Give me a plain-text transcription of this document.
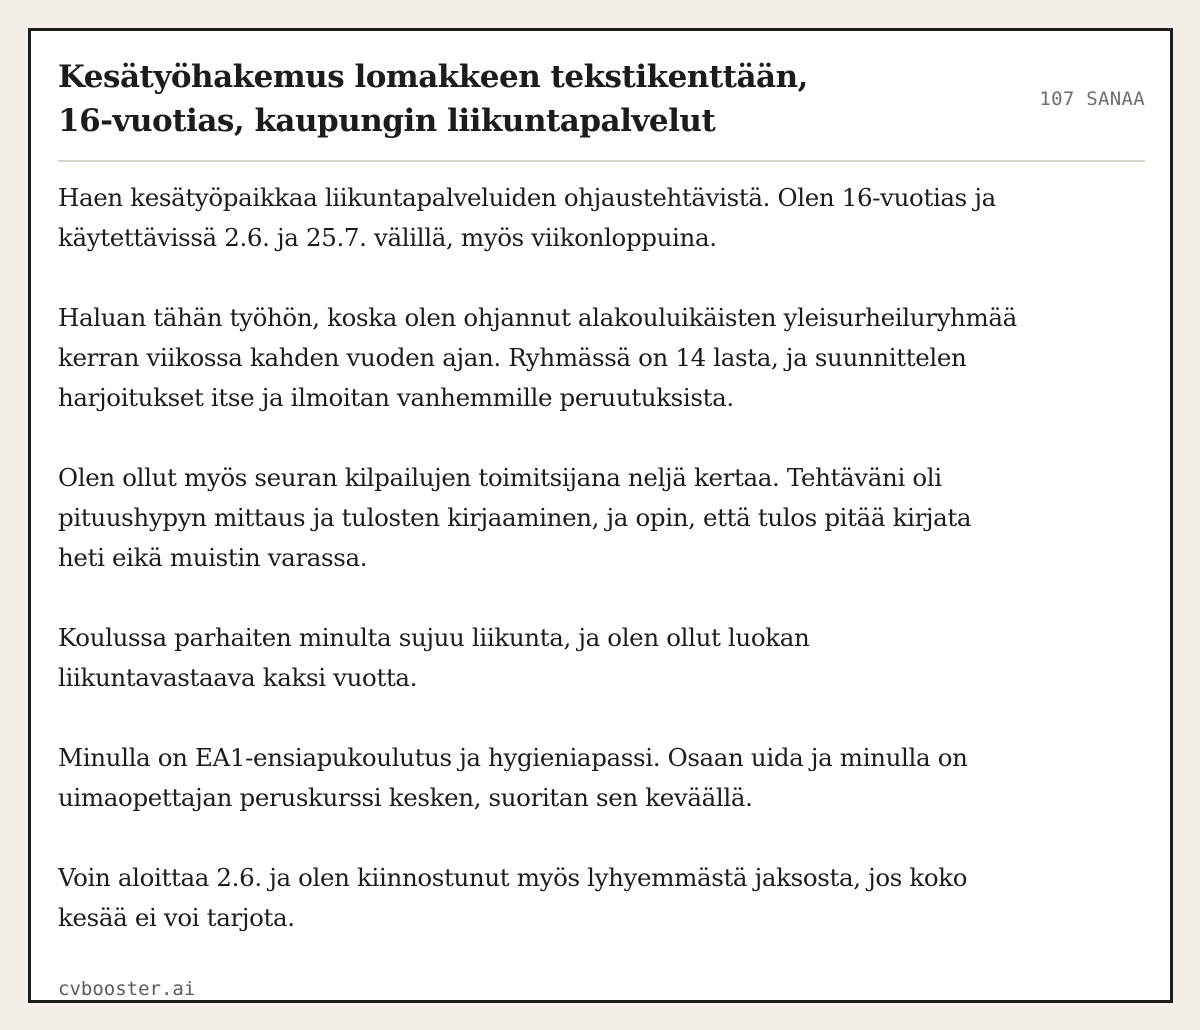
Kesätyöhakemus lomakkeen tekstikenttään,
16-vuotias, kaupungin liikuntapalvelut
107 SANAA

Haen kesätyöpaikkaa liikuntapalveluiden ohjaustehtävistä. Olen 16-vuotias ja
käytettävissä 2.6. ja 25.7. välillä, myös viikonloppuina.

Haluan tähän työhön, koska olen ohjannut alakouluikäisten yleisurheiluryhmää
kerran viikossa kahden vuoden ajan. Ryhmässä on 14 lasta, ja suunnittelen
harjoitukset itse ja ilmoitan vanhemmille peruutuksista.

Olen ollut myös seuran kilpailujen toimitsijana neljä kertaa. Tehtäväni oli
pituushypyn mittaus ja tulosten kirjaaminen, ja opin, että tulos pitää kirjata
heti eikä muistin varassa.

Koulussa parhaiten minulta sujuu liikunta, ja olen ollut luokan
liikuntavastaava kaksi vuotta.

Minulla on EA1-ensiapukoulutus ja hygieniapassi. Osaan uida ja minulla on
uimaopettajan peruskurssi kesken, suoritan sen keväällä.

Voin aloittaa 2.6. ja olen kiinnostunut myös lyhyemmästä jaksosta, jos koko
kesää ei voi tarjota.

cvbooster.ai
